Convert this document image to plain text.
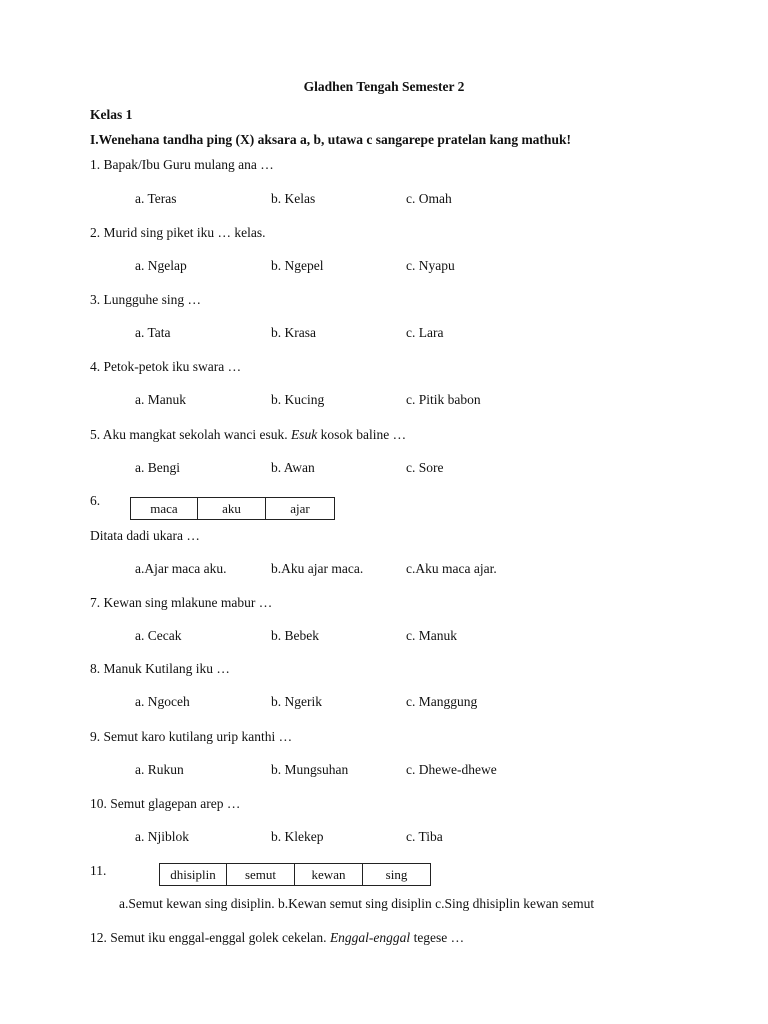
Gladhen Tengah Semester 2
Kelas 1
I.Wenehana tandha ping (X) aksara a, b, utawa c sangarepe pratelan kang mathuk!
1. Bapak/Ibu Guru mulang ana …
a. Teras	b. Kelas	c. Omah
2. Murid sing piket iku … kelas.
a. Ngelap	b. Ngepel	c. Nyapu
3. Lungguhe sing …
a. Tata	b. Krasa	c. Lara
4. Petok-petok iku swara …
a. Manuk	b. Kucing	c. Pitik babon
5. Aku mangkat sekolah wanci esuk. Esuk kosok baline …
a. Bengi	b. Awan	c. Sore
6.	maca	aku	ajar
Ditata dadi ukara …
a.Ajar maca aku.	b.Aku ajar maca.	c.Aku maca ajar.
7. Kewan sing mlakune mabur …
a. Cecak	b. Bebek	c. Manuk
8. Manuk Kutilang iku …
a. Ngoceh	b. Ngerik	c. Manggung
9. Semut karo kutilang urip kanthi …
a. Rukun	b. Mungsuhan	c. Dhewe-dhewe
10. Semut glagepan arep …
a. Njiblok	b. Klekep	c. Tiba
11.	dhisiplin	semut	kewan	sing
a.Semut kewan sing disiplin. b.Kewan semut sing disiplin c.Sing dhisiplin kewan semut
12. Semut iku enggal-enggal golek cekelan. Enggal-enggal tegese …
